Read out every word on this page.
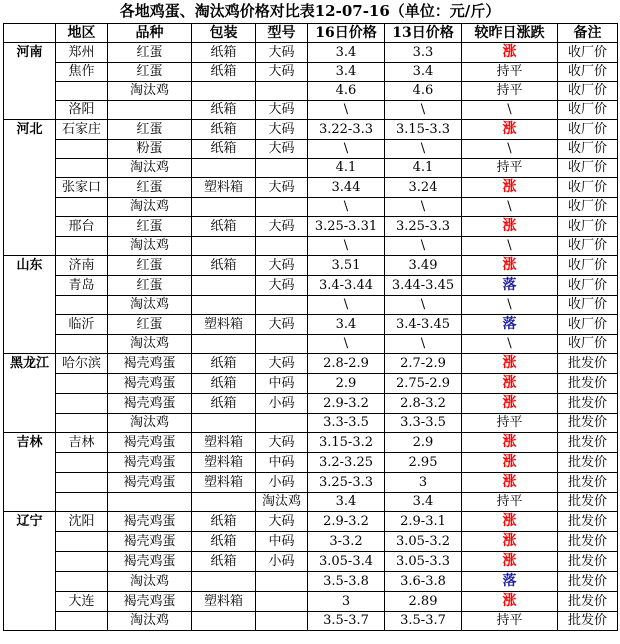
各地鸡蛋、淘汰鸡价格对比表12-07-16（单位：元/斤）
	地区	品种	包装	型号	16日价格	13日价格	较昨日涨跌	备注
河南	郑州	红蛋	纸箱	大码	3.4	3.3	涨	收厂价
	焦作	红蛋	纸箱	大码	3.4	3.4	持平	收厂价
		淘汰鸡			4.6	4.6	持平	收厂价
	洛阳		纸箱	大码	\	\	\	收厂价
河北	石家庄	红蛋	纸箱	大码	3.22-3.3	3.15-3.3	涨	收厂价
		粉蛋	纸箱	大码	\	\	\	收厂价
		淘汰鸡			4.1	4.1	持平	收厂价
	张家口	红蛋	塑料箱	大码	3.44	3.24	涨	收厂价
		淘汰鸡			\	\	\	收厂价
	邢台	红蛋	纸箱	大码	3.25-3.31	3.25-3.3	涨	收厂价
		淘汰鸡			\	\	\	收厂价
山东	济南	红蛋	纸箱	大码	3.51	3.49	涨	收厂价
	青岛	红蛋		大码	3.4-3.44	3.44-3.45	落	收厂价
		淘汰鸡			\	\	\	收厂价
	临沂	红蛋	塑料箱	大码	3.4	3.4-3.45	落	收厂价
		淘汰鸡			\	\	\	收厂价
黑龙江	哈尔滨	褐壳鸡蛋	纸箱	大码	2.8-2.9	2.7-2.9	涨	批发价
		褐壳鸡蛋	纸箱	中码	2.9	2.75-2.9	涨	批发价
		褐壳鸡蛋	纸箱	小码	2.9-3.2	2.8-3.2	涨	批发价
		淘汰鸡			3.3-3.5	3.3-3.5	持平	批发价
吉林	吉林	褐壳鸡蛋	塑料箱	大码	3.15-3.2	2.9	涨	批发价
		褐壳鸡蛋	塑料箱	中码	3.2-3.25	2.95	涨	批发价
		褐壳鸡蛋	塑料箱	小码	3.25-3.3	3	涨	批发价
				淘汰鸡	3.4	3.4	持平	批发价
辽宁	沈阳	褐壳鸡蛋	纸箱	大码	2.9-3.2	2.9-3.1	涨	批发价
		褐壳鸡蛋	纸箱	中码	3-3.2	3.05-3.2	涨	批发价
		褐壳鸡蛋	纸箱	小码	3.05-3.4	3.05-3.3	涨	批发价
		淘汰鸡			3.5-3.8	3.6-3.8	落	批发价
	大连	褐壳鸡蛋	塑料箱		3	2.89	涨	批发价
		淘汰鸡			3.5-3.7	3.5-3.7	持平	批发价
